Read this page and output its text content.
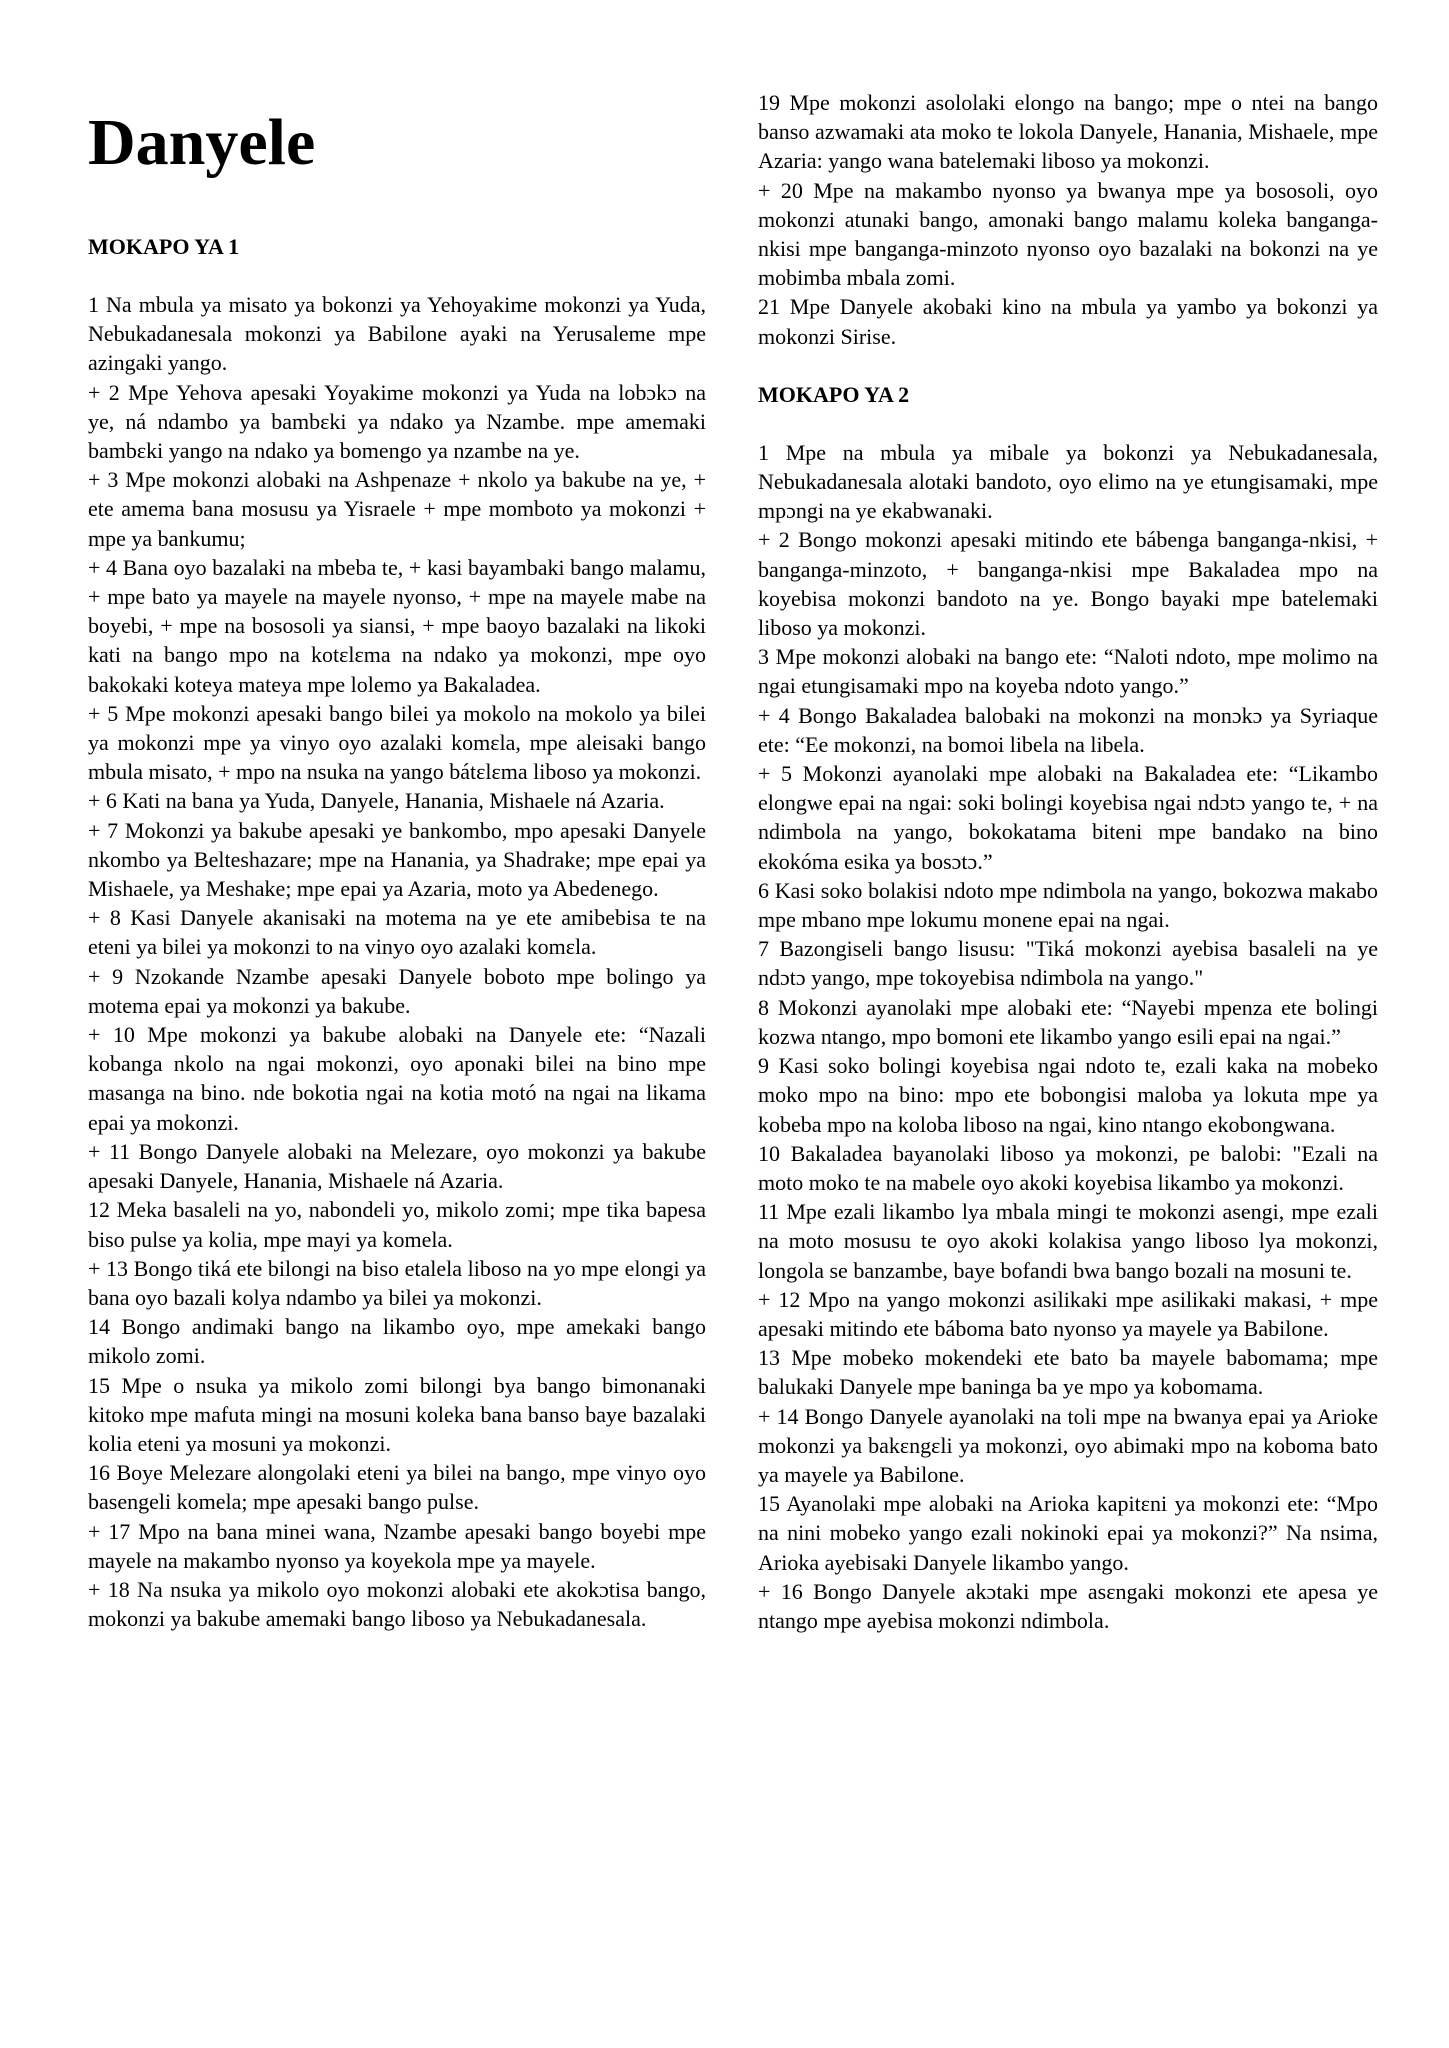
Danyele
MOKAPO YA 1

1 Na mbula ya misato ya bokonzi ya Yehoyakime mokonzi ya Yuda, Nebukadanesala mokonzi ya Babilone ayaki na Yerusaleme mpe azingaki yango.

+ 2 Mpe Yehova apesaki Yoyakime mokonzi ya Yuda na lobɔkɔ na ye, ná ndambo ya bambɛki ya ndako ya Nzambe. mpe amemaki bambɛki yango na ndako ya bomengo ya nzambe na ye.

+ 3 Mpe mokonzi alobaki na Ashpenaze + nkolo ya bakube na ye, + ete amema bana mosusu ya Yisraele + mpe momboto ya mokonzi + mpe ya bankumu;

+ 4 Bana oyo bazalaki na mbeba te, + kasi bayambaki bango malamu, + mpe bato ya mayele na mayele nyonso, + mpe na mayele mabe na boyebi, + mpe na bososoli ya siansi, + mpe baoyo bazalaki na likoki kati na bango mpo na kotɛlɛma na ndako ya mokonzi, mpe oyo bakokaki koteya mateya mpe lolemo ya Bakaladea.

+ 5 Mpe mokonzi apesaki bango bilei ya mokolo na mokolo ya bilei ya mokonzi mpe ya vinyo oyo azalaki komɛla, mpe aleisaki bango mbula misato, + mpo na nsuka na yango bátɛlɛma liboso ya mokonzi.

+ 6 Kati na bana ya Yuda, Danyele, Hanania, Mishaele ná Azaria.

+ 7 Mokonzi ya bakube apesaki ye bankombo, mpo apesaki Danyele nkombo ya Belteshazare; mpe na Hanania, ya Shadrake; mpe epai ya Mishaele, ya Meshake; mpe epai ya Azaria, moto ya Abedenego.

+ 8 Kasi Danyele akanisaki na motema na ye ete amibebisa te na eteni ya bilei ya mokonzi to na vinyo oyo azalaki komɛla.

+ 9 Nzokande Nzambe apesaki Danyele boboto mpe bolingo ya motema epai ya mokonzi ya bakube.

+ 10 Mpe mokonzi ya bakube alobaki na Danyele ete: “Nazali kobanga nkolo na ngai mokonzi, oyo aponaki bilei na bino mpe masanga na bino. nde bokotia ngai na kotia motó na ngai na likama epai ya mokonzi.

+ 11 Bongo Danyele alobaki na Melezare, oyo mokonzi ya bakube apesaki Danyele, Hanania, Mishaele ná Azaria.

12 Meka basaleli na yo, nabondeli yo, mikolo zomi; mpe tika bapesa biso pulse ya kolia, mpe mayi ya komela.

+ 13 Bongo tiká ete bilongi na biso etalela liboso na yo mpe elongi ya bana oyo bazali kolya ndambo ya bilei ya mokonzi.

14 Bongo andimaki bango na likambo oyo, mpe amekaki bango mikolo zomi.

15 Mpe o nsuka ya mikolo zomi bilongi bya bango bimonanaki kitoko mpe mafuta mingi na mosuni koleka bana banso baye bazalaki kolia eteni ya mosuni ya mokonzi.

16 Boye Melezare alongolaki eteni ya bilei na bango, mpe vinyo oyo basengeli komela; mpe apesaki bango pulse.

+ 17 Mpo na bana minei wana, Nzambe apesaki bango boyebi mpe mayele na makambo nyonso ya koyekola mpe ya mayele.

+ 18 Na nsuka ya mikolo oyo mokonzi alobaki ete akokɔtisa bango, mokonzi ya bakube amemaki bango liboso ya Nebukadanesala.

19 Mpe mokonzi asololaki elongo na bango; mpe o ntei na bango banso azwamaki ata moko te lokola Danyele, Hanania, Mishaele, mpe Azaria: yango wana batelemaki liboso ya mokonzi.

+ 20 Mpe na makambo nyonso ya bwanya mpe ya bososoli, oyo mokonzi atunaki bango, amonaki bango malamu koleka banganga-nkisi mpe banganga-minzoto nyonso oyo bazalaki na bokonzi na ye mobimba mbala zomi.

21 Mpe Danyele akobaki kino na mbula ya yambo ya bokonzi ya mokonzi Sirise.

MOKAPO YA 2

1 Mpe na mbula ya mibale ya bokonzi ya Nebukadanesala, Nebukadanesala alotaki bandoto, oyo elimo na ye etungisamaki, mpe mpɔngi na ye ekabwanaki.

+ 2 Bongo mokonzi apesaki mitindo ete bábenga banganga-nkisi, + banganga-minzoto, + banganga-nkisi mpe Bakaladea mpo na koyebisa mokonzi bandoto na ye. Bongo bayaki mpe batelemaki liboso ya mokonzi.

3 Mpe mokonzi alobaki na bango ete: “Naloti ndoto, mpe molimo na ngai etungisamaki mpo na koyeba ndoto yango.”

+ 4 Bongo Bakaladea balobaki na mokonzi na monɔkɔ ya Syriaque ete: “Ee mokonzi, na bomoi libela na libela.

+ 5 Mokonzi ayanolaki mpe alobaki na Bakaladea ete: “Likambo elongwe epai na ngai: soki bolingi koyebisa ngai ndɔtɔ yango te, + na ndimbola na yango, bokokatama biteni mpe bandako na bino ekokóma esika ya bosɔtɔ.”

6 Kasi soko bolakisi ndoto mpe ndimbola na yango, bokozwa makabo mpe mbano mpe lokumu monene epai na ngai.

7 Bazongiseli bango lisusu: "Tiká mokonzi ayebisa basaleli na ye ndɔtɔ yango, mpe tokoyebisa ndimbola na yango."

8 Mokonzi ayanolaki mpe alobaki ete: “Nayebi mpenza ete bolingi kozwa ntango, mpo bomoni ete likambo yango esili epai na ngai.”

9 Kasi soko bolingi koyebisa ngai ndoto te, ezali kaka na mobeko moko mpo na bino: mpo ete bobongisi maloba ya lokuta mpe ya kobeba mpo na koloba liboso na ngai, kino ntango ekobongwana.

10 Bakaladea bayanolaki liboso ya mokonzi, pe balobi: "Ezali na moto moko te na mabele oyo akoki koyebisa likambo ya mokonzi.

11 Mpe ezali likambo lya mbala mingi te mokonzi asengi, mpe ezali na moto mosusu te oyo akoki kolakisa yango liboso lya mokonzi, longola se banzambe, baye bofandi bwa bango bozali na mosuni te.

+ 12 Mpo na yango mokonzi asilikaki mpe asilikaki makasi, + mpe apesaki mitindo ete báboma bato nyonso ya mayele ya Babilone.

13 Mpe mobeko mokendeki ete bato ba mayele babomama; mpe balukaki Danyele mpe baninga ba ye mpo ya kobomama.

+ 14 Bongo Danyele ayanolaki na toli mpe na bwanya epai ya Arioke mokonzi ya bakɛngɛli ya mokonzi, oyo abimaki mpo na koboma bato ya mayele ya Babilone.

15 Ayanolaki mpe alobaki na Arioka kapitɛni ya mokonzi ete: “Mpo na nini mobeko yango ezali nokinoki epai ya mokonzi?” Na nsima, Arioka ayebisaki Danyele likambo yango.

+ 16 Bongo Danyele akɔtaki mpe asɛngaki mokonzi ete apesa ye ntango mpe ayebisa mokonzi ndimbola.
